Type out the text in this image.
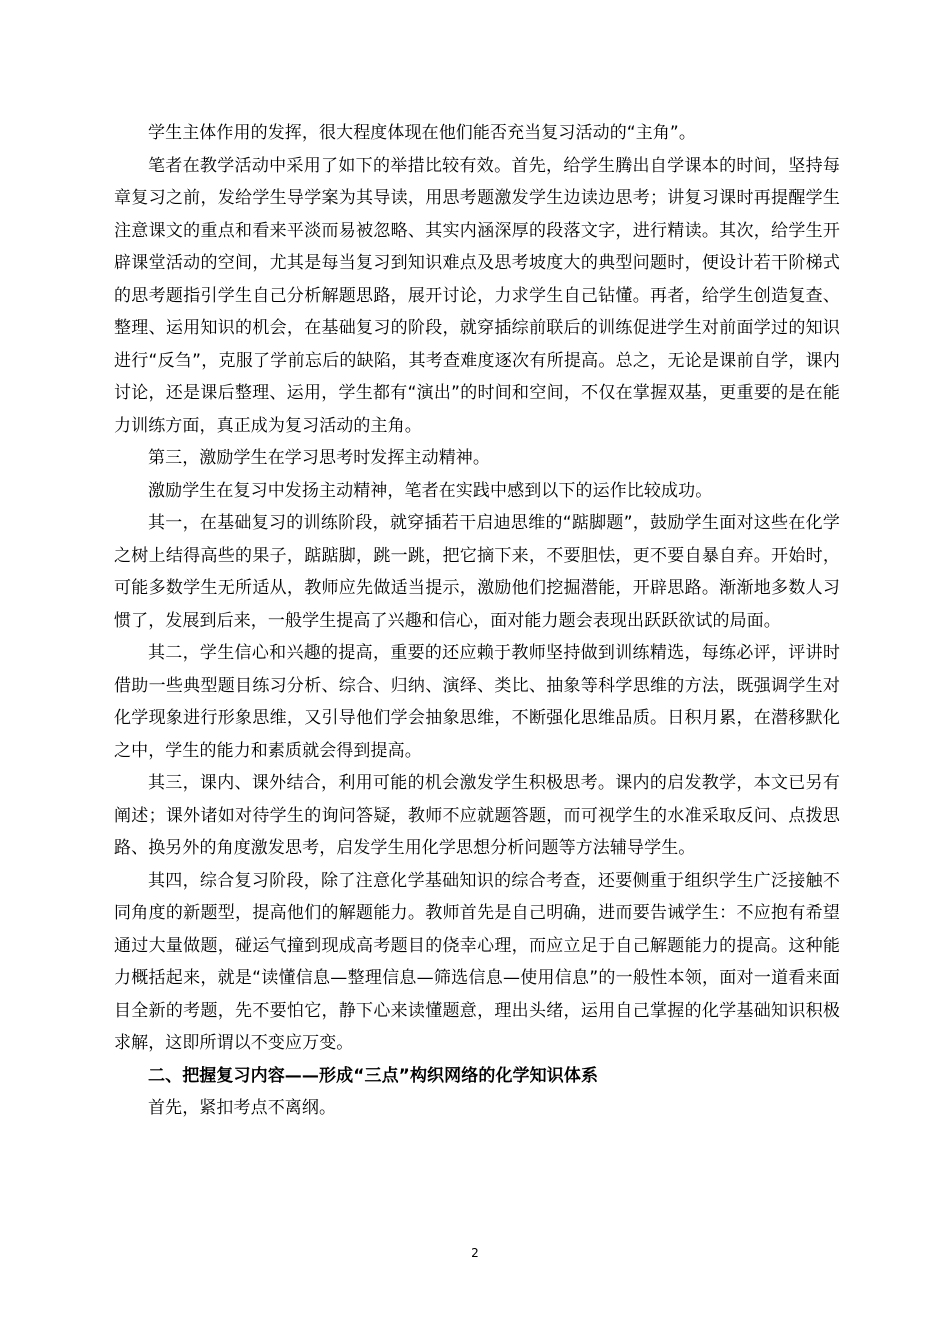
学生主体作用的发挥，很大程度体现在他们能否充当复习活动的“主角”。

笔者在教学活动中采用了如下的举措比较有效。首先，给学生腾出自学课本的时间，坚持每章复习之前，发给学生导学案为其导读，用思考题激发学生边读边思考；讲复习课时再提醒学生注意课文的重点和看来平淡而易被忽略、其实内涵深厚的段落文字，进行精读。其次，给学生开辟课堂活动的空间，尤其是每当复习到知识难点及思考坡度大的典型问题时，便设计若干阶梯式的思考题指引学生自己分析解题思路，展开讨论，力求学生自己钻懂。再者，给学生创造复查、整理、运用知识的机会，在基础复习的阶段，就穿插综前联后的训练促进学生对前面学过的知识进行“反刍”，克服了学前忘后的缺陷，其考查难度逐次有所提高。总之，无论是课前自学，课内讨论，还是课后整理、运用，学生都有“演出”的时间和空间，不仅在掌握双基，更重要的是在能力训练方面，真正成为复习活动的主角。

第三，激励学生在学习思考时发挥主动精神。

激励学生在复习中发扬主动精神，笔者在实践中感到以下的运作比较成功。

其一，在基础复习的训练阶段，就穿插若干启迪思维的“踮脚题”，鼓励学生面对这些在化学之树上结得高些的果子，踮踮脚，跳一跳，把它摘下来，不要胆怯，更不要自暴自弃。开始时，可能多数学生无所适从，教师应先做适当提示，激励他们挖掘潜能，开辟思路。渐渐地多数人习惯了，发展到后来，一般学生提高了兴趣和信心，面对能力题会表现出跃跃欲试的局面。

其二，学生信心和兴趣的提高，重要的还应赖于教师坚持做到训练精选，每练必评，评讲时借助一些典型题目练习分析、综合、归纳、演绎、类比、抽象等科学思维的方法，既强调学生对化学现象进行形象思维，又引导他们学会抽象思维，不断强化思维品质。日积月累，在潜移默化之中，学生的能力和素质就会得到提高。

其三，课内、课外结合，利用可能的机会激发学生积极思考。课内的启发教学，本文已另有阐述；课外诸如对待学生的询问答疑，教师不应就题答题，而可视学生的水准采取反问、点拨思路、换另外的角度激发思考，启发学生用化学思想分析问题等方法辅导学生。

其四，综合复习阶段，除了注意化学基础知识的综合考查，还要侧重于组织学生广泛接触不同角度的新题型，提高他们的解题能力。教师首先是自己明确，进而要告诫学生：不应抱有希望通过大量做题，碰运气撞到现成高考题目的侥幸心理，而应立足于自己解题能力的提高。这种能力概括起来，就是“读懂信息—整理信息—筛选信息—使用信息”的一般性本领，面对一道看来面目全新的考题，先不要怕它，静下心来读懂题意，理出头绪，运用自己掌握的化学基础知识积极求解，这即所谓以不变应万变。

二、把握复习内容——形成“三点”构织网络的化学知识体系

首先，紧扣考点不离纲。

2
